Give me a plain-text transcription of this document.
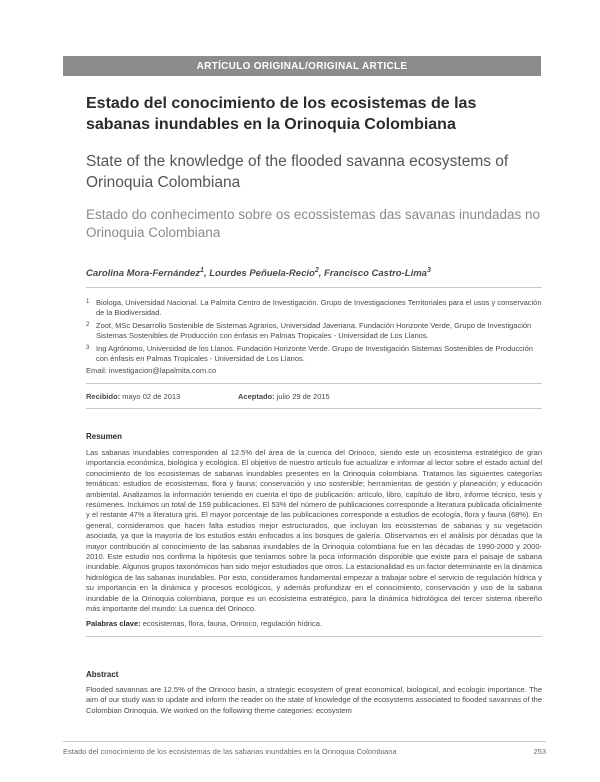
ARTÍCULO ORIGINAL/ORIGINAL ARTICLE
Estado del conocimiento de los ecosistemas de las sabanas inundables en la Orinoquia Colombiana
State of the knowledge of the flooded savanna ecosystems of Orinoquia Colombiana
Estado do conhecimento sobre os ecossistemas das savanas inundadas no Orinoquia Colombiana
Carolina Mora-Fernández$^1$, Lourdes Peñuela-Recio$^2$, Francisco Castro-Lima$^3$
1 Biologa, Universidad Nacional. La Palmita Centro de Investigación. Grupo de Investigaciones Territoriales para el usos y conservación de la Biodiversidad.
2 Zoot, MSc Desarrollo Sostenible de Sistemas Agrarios, Universidad Javeriana. Fundación Horizonte Verde, Grupo de Investigación Sistemas Sostenibles de Producción con énfasis en Palmas Tropicales - Universidad de Los Llanos.
3 Ing Agrónomo, Universidad de los Llanos. Fundación Horizonte Verde. Grupo de Investigación Sistemas Sostenibles de Producción con énfasis en Palmas Tropicales - Universidad de Los Llanos.
Email: investigacion@lapalmita.com.co
Recibido: mayo 02 de 2013	Aceptado: julio 29 de 2015
Resumen
Las sabanas inundables corresponden al 12.5% del área de la cuenca del Orinoco, siendo este un ecosistema estratégico de gran importancia económica, biológica y ecológica. El objetivo de nuestro artículo fue actualizar e informar al lector sobre el estado actual del conocimiento de los ecosistemas de sabanas inundables presentes en la Orinoquia colombiana. Tratamos las siguientes categorías temáticas: estudios de ecosistemas, flora y fauna; conservación y uso sostenible; herramientas de gestión y planeación; y educación ambiental. Analizamos la información teniendo en cuenta el tipo de publicación: artículo, libro, capítulo de libro, informe técnico, tesis y resúmenes. Incluimos un total de 159 publicaciones. El 53% del número de publicaciones corresponde a literatura publicada oficialmente y el restante 47% a literatura gris. El mayor porcentaje de las publicaciones corresponde a estudios de ecología, flora y fauna (68%). En general, consideramos que hacen falta estudios mejor estructurados, que incluyan los ecosistemas de sabanas y su vegetación asociada, ya que la mayoría de los estudios están enfocados a los bosques de galería. Observamos en el análisis por décadas que la mayor contribución al conocimiento de las sabanas inundables de la Orinoquia colombiana fue en las décadas de 1990-2000 y 2000-2010. Este estudio nos confirma la hipótesis que teníamos sobre la poca información disponible que existe para el paisaje de sabana inundable. Algunos grupos taxonómicos han sido mejor estudiados que otros. La estacionalidad es un factor determinante en la dinámica hidrológica de las sabanas inundables. Por esto, consideramos fundamental empezar a trabajar sobre el servicio de regulación hídrica y su importancia en la dinámica y procesos ecológicos, y además profundizar en el conocimiento, conservación y uso de la sabana inundable de la Orinoquia colombiana, porque es un ecosistema estratégico, para la dinámica hidrológica del tercer sistema ribereño más importante del mundo: La cuenca del Orinoco.
Palabras clave: ecosistemas, flora, fauna, Orinoco, regulación hídrica.
Abstract
Flooded savannas are 12.5% of the Orinoco basin, a strategic ecosystem of great economical, biological, and ecologic importance. The aim of our study was to update and inform the reader on the state of knowledge of the ecosystems associated to flooded savannas of the Colombian Orinoquia. We worked on the following theme categories: ecosystem
Estado del conocimiento de los ecosistemas de las sabanas inundables en la Orinoquia Colombiana	253
